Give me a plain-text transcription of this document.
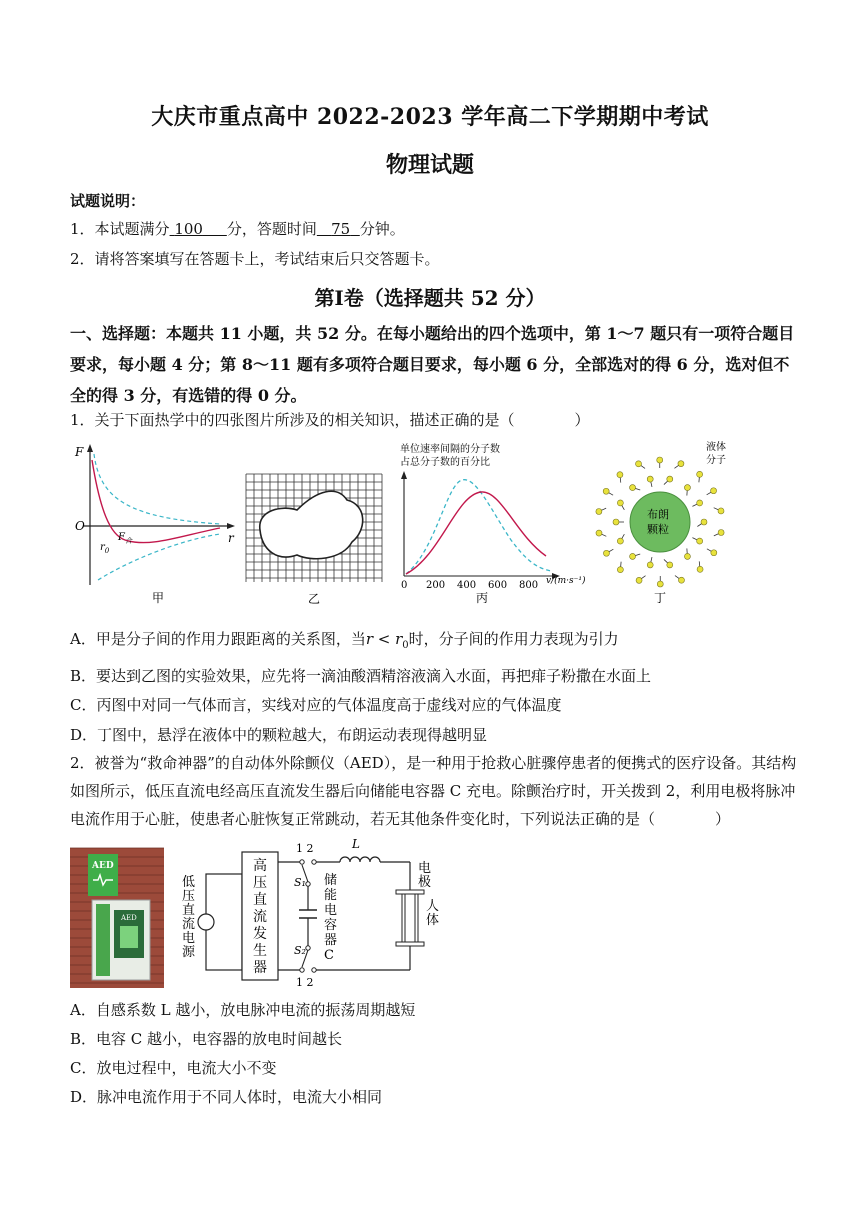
大庆市重点高中 2022-2023 学年高二下学期期中考试
物理试题
试题说明：
1．本试题满分 100 分，答题时间 75 分钟。
2．请将答案填写在答题卡上，考试结束后只交答题卡。
第Ⅰ卷（选择题共 52 分）
一、选择题：本题共 11 小题，共 52 分。在每小题给出的四个选项中，第 1～7 题只有一项符合题目要求，每小题 4 分；第 8～11 题有多项符合题目要求，每小题 6 分，全部选对的得 6 分，选对但不全的得 3 分，有选错的得 0 分。
1．关于下面热学中的四张图片所涉及的相关知识，描述正确的是（　　　　）
F
O
r
$r_0$
$F_合$
甲	乙
单位速率间隔的分子数
占总分子数的百分比
0 200 400 600 800 v/(m·s⁻¹)
丙
布朗
颗粒
液体
分子
丁
A．甲是分子间的作用力跟距离的关系图，当$r < r_0$时，分子间的作用力表现为引力
B．要达到乙图的实验效果，应先将一滴油酸酒精溶液滴入水面，再把痱子粉撒在水面上
C．丙图中对同一气体而言，实线对应的气体温度高于虚线对应的气体温度
D．丁图中，悬浮在液体中的颗粒越大，布朗运动表现得越明显
2．被誉为“救命神器”的自动体外除颤仪（AED），是一种用于抢救心脏骤停患者的便携式的医疗设备。其结构如图所示，低压直流电经高压直流发生器后向储能电容器 C 充电。除颤治疗时，开关拨到 2，利用电极将脉冲电流作用于心脏，使患者心脏恢复正常跳动，若无其他条件变化时，下列说法正确的是（　　　　）
AED
AED
低
压
直
流
电
源
高
压
直
流
发
生
器
S₁
1 2
储
能
电
容
器
C
S₂
1 2
L
电
极
人
体
A．自感系数 L 越小，放电脉冲电流的振荡周期越短
B．电容 C 越小，电容器的放电时间越长
C．放电过程中，电流大小不变
D．脉冲电流作用于不同人体时，电流大小相同
